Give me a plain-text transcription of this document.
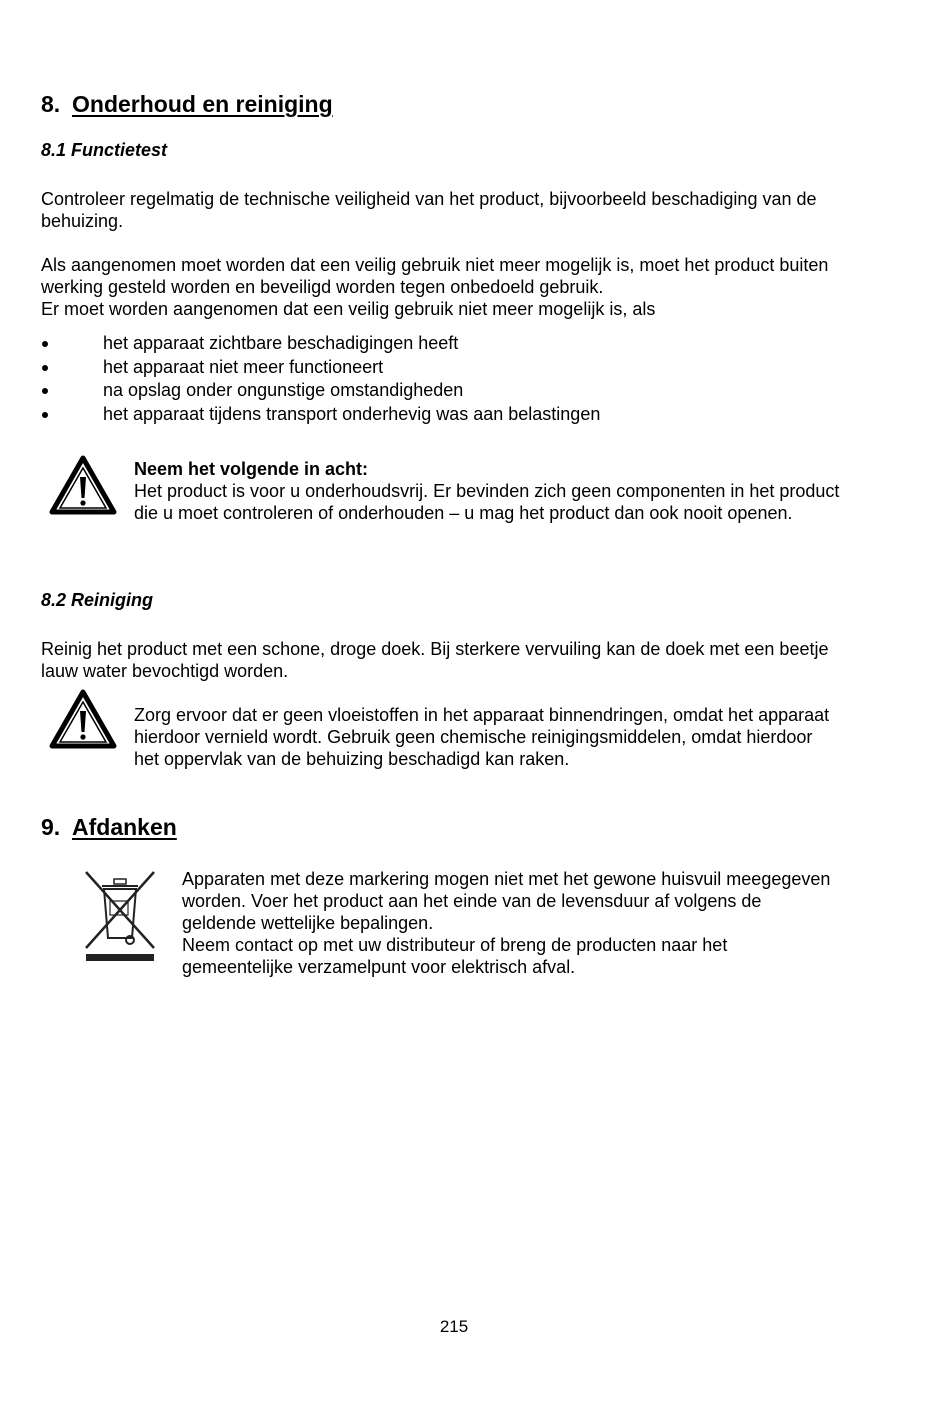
8. Onderhoud en reiniging
8.1 Functietest

Controleer regelmatig de technische veiligheid van het product, bijvoorbeeld beschadiging van de behuizing.

Als aangenomen moet worden dat een veilig gebruik niet meer mogelijk is, moet het product buiten werking gesteld worden en beveiligd worden tegen onbedoeld gebruik.

Er moet worden aangenomen dat een veilig gebruik niet meer mogelijk is, als

het apparaat zichtbare beschadigingen heeft
het apparaat niet meer functioneert
na opslag onder ongunstige omstandigheden
het apparaat tijdens transport onderhevig was aan belastingen

Neem het volgende in acht:

Het product is voor u onderhoudsvrij. Er bevinden zich geen componenten in het product die u moet controleren of onderhouden – u mag het product dan ook nooit openen.

8.2 Reiniging

Reinig het product met een schone, droge doek. Bij sterkere vervuiling kan de doek met een beetje lauw water bevochtigd worden.

Zorg ervoor dat er geen vloeistoffen in het apparaat binnendringen, omdat het apparaat hierdoor vernield wordt. Gebruik geen chemische reinigingsmiddelen, omdat hierdoor het oppervlak van de behuizing beschadigd kan raken.

9. Afdanken

Apparaten met deze markering mogen niet met het gewone huisvuil meegegeven worden. Voer het product aan het einde van de levensduur af volgens de geldende wettelijke bepalingen.

Neem contact op met uw distributeur of breng de producten naar het gemeentelijke verzamelpunt voor elektrisch afval.

215
